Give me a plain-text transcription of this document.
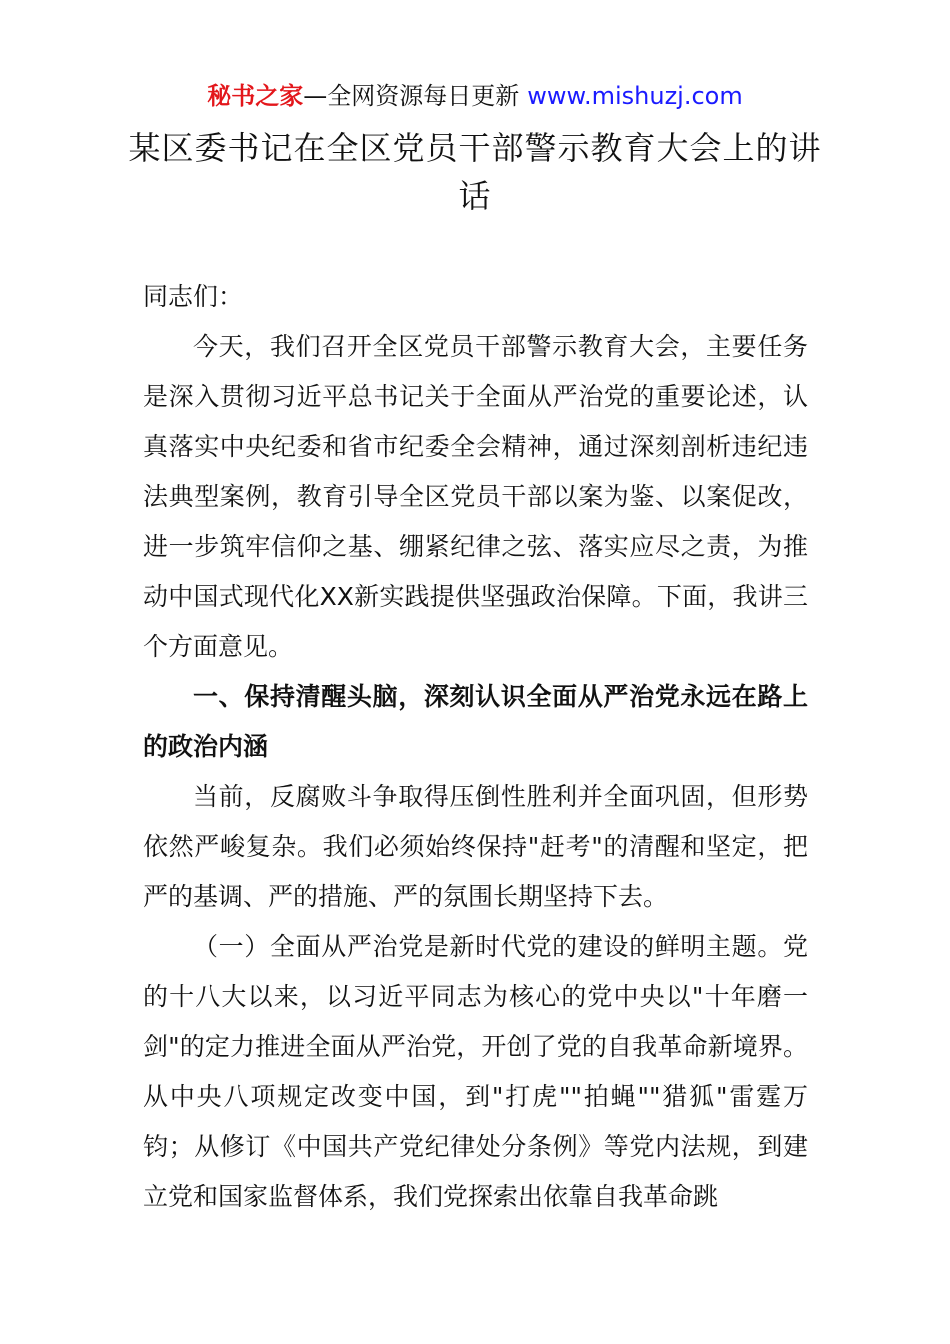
秘书之家—全网资源每日更新 www.mishuzj.com
某区委书记在全区党员干部警示教育大会上的讲话

同志们：

今天，我们召开全区党员干部警示教育大会，主要任务是深入贯彻习近平总书记关于全面从严治党的重要论述，认真落实中央纪委和省市纪委全会精神，通过深刻剖析违纪违法典型案例，教育引导全区党员干部以案为鉴、以案促改，进一步筑牢信仰之基、绷紧纪律之弦、落实应尽之责，为推动中国式现代化XX新实践提供坚强政治保障。下面，我讲三个方面意见。

一、保持清醒头脑，深刻认识全面从严治党永远在路上的政治内涵

当前，反腐败斗争取得压倒性胜利并全面巩固，但形势依然严峻复杂。我们必须始终保持"赶考"的清醒和坚定，把严的基调、严的措施、严的氛围长期坚持下去。

（一）全面从严治党是新时代党的建设的鲜明主题。党的十八大以来，以习近平同志为核心的党中央以"十年磨一剑"的定力推进全面从严治党，开创了党的自我革命新境界。从中央八项规定改变中国，到"打虎""拍蝇""猎狐"雷霆万钧；从修订《中国共产党纪律处分条例》等党内法规，到建立党和国家监督体系，我们党探索出依靠自我革命跳
